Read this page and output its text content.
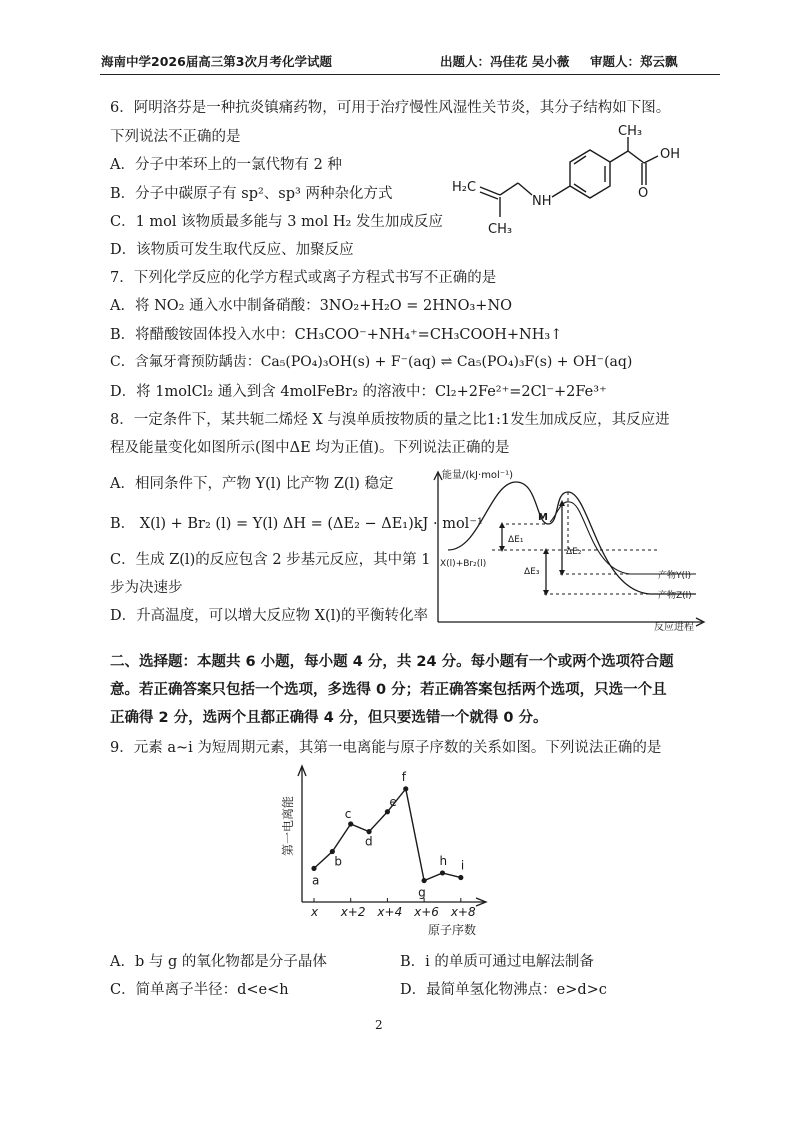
海南中学2026届高三第3次月考化学试题	出题人：冯佳花 吴小薇 审题人：郑云飘
6．阿明洛芬是一种抗炎镇痛药物，可用于治疗慢性风湿性关节炎，其分子结构如下图。
下列说法不正确的是
A．分子中苯环上的一氯代物有 2 种
B．分子中碳原子有 sp²、sp³ 两种杂化方式
C．1 mol 该物质最多能与 3 mol H₂ 发生加成反应
D．该物质可发生取代反应、加聚反应
CH₃
OH
O
NH
H₂C
CH₃
7．下列化学反应的化学方程式或离子方程式书写不正确的是
A．将 NO₂ 通入水中制备硝酸：3NO₂+H₂O = 2HNO₃+NO
B．将醋酸铵固体投入水中：CH₃COO⁻+NH₄⁺=CH₃COOH+NH₃↑
C．含氟牙膏预防龋齿：Ca₅(PO₄)₃OH(s) + F⁻(aq) ⇌ Ca₅(PO₄)₃F(s) + OH⁻(aq)
D．将 1molCl₂ 通入到含 4molFeBr₂ 的溶液中：Cl₂+2Fe²⁺=2Cl⁻+2Fe³⁺
8．一定条件下，某共轭二烯烃 X 与溴单质按物质的量之比1:1发生加成反应，其反应进
程及能量变化如图所示(图中ΔE 均为正值)。下列说法正确的是
A．相同条件下，产物 Y(l) 比产物 Z(l) 稳定
B． X(l) + Br₂ (l) = Y(l) ΔH = (ΔE₂ − ΔE₁)kJ · mol⁻¹
C．生成 Z(l)的反应包含 2 步基元反应，其中第 1
步为决速步
D．升高温度，可以增大反应物 X(l)的平衡转化率
能量/(kJ·mol⁻¹)
反应进程
X(l)+Br₂(l)
M
产物Y(l)
产物Z(l)
ΔE₁
ΔE₂
ΔE₃
二、选择题：本题共 6 小题，每小题 4 分，共 24 分。每小题有一个或两个选项符合题
意。若正确答案只包括一个选项，多选得 0 分；若正确答案包括两个选项，只选一个且
正确得 2 分，选两个且都正确得 4 分，但只要选错一个就得 0 分。
9．元素 a~i 为短周期元素，其第一电离能与原子序数的关系如图。下列说法正确的是
a
b
c
d
e
f
g
h i
x x+2 x+4 x+6 x+8
第一电离能
原子序数
A．b 与 g 的氧化物都是分子晶体	B．i 的单质可通过电解法制备
C．简单离子半径：d<e<h	D．最简单氢化物沸点：e>d>c
2
